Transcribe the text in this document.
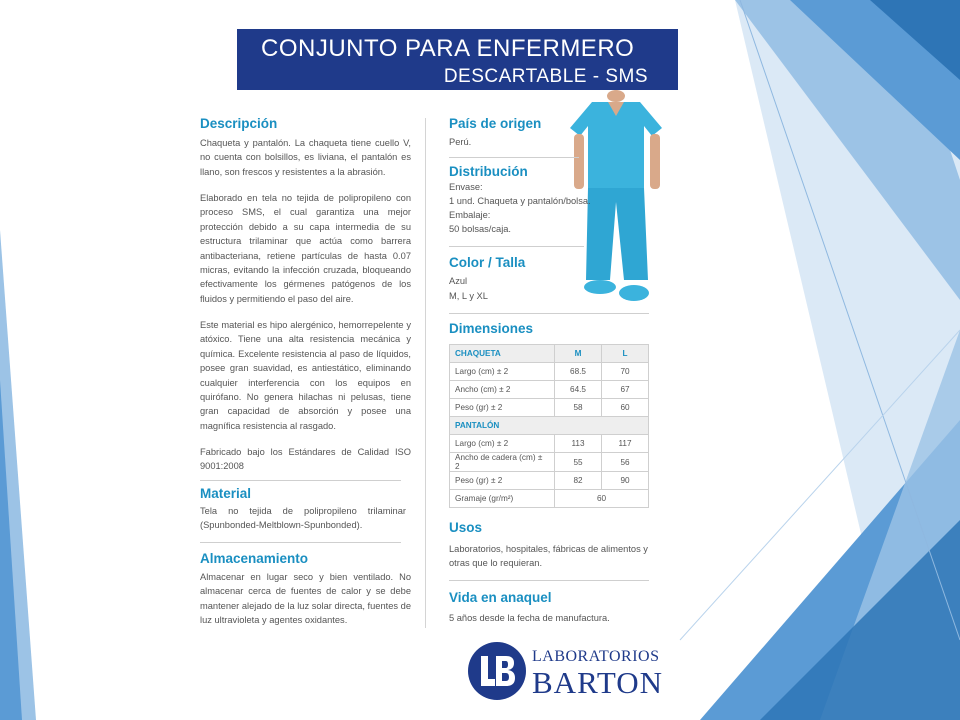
CONJUNTO PARA ENFERMERO
DESCARTABLE - SMS
Descripción
Chaqueta y pantalón. La chaqueta tiene cuello V, no cuenta con bolsillos, es liviana, el pantalón es llano, son frescos y resistentes a la abrasión.
Elaborado en tela no tejida de polipropileno con proceso SMS, el cual garantiza una mejor protección debido a su capa intermedia de su estructura trilaminar que actúa como barrera antibacteriana, retiene partículas de hasta 0.07 micras, evitando la infección cruzada, bloqueando efectivamente los gérmenes patógenos de los fluidos y permitiendo el paso del aire.
Este material es hipo alergénico, hemorrepelente y atóxico. Tiene una alta resistencia mecánica y química. Excelente resistencia al paso de líquidos, posee gran suavidad, es antiestático, eliminando cualquier interferencia con los equipos en quirófano. No genera hilachas ni pelusas, tiene gran capacidad de absorción y posee una magnífica resistencia al rasgado.
Fabricado bajo los Estándares de Calidad ISO 9001:2008
Material
Tela no tejida de polipropileno trilaminar (Spunbonded-Meltblown-Spunbonded).
Almacenamiento
Almacenar en lugar seco y bien ventilado. No almacenar cerca de fuentes de calor y se debe mantener alejado de la luz solar directa, fuentes de luz ultravioleta y agentes oxidantes.
País de origen
Perú.
Distribución
Envase:
1 und. Chaqueta y pantalón/bolsa.
Embalaje:
50 bolsas/caja.
Color / Talla
Azul
M, L y XL
Dimensiones
CHAQUETA	M	L
Largo (cm) ± 2	68.5	70
Ancho (cm) ± 2	64.5	67
Peso (gr) ± 2	58	60
PANTALÓN		
Largo (cm) ± 2	113	117
Ancho de cadera (cm) ± 2	55	56
Peso (gr) ± 2	82	90
Gramaje (gr/m²)	60	
Usos
Laboratorios, hospitales, fábricas de alimentos y otras que lo requieran.
Vida en anaquel
5 años desde la fecha de manufactura.
LABORATORIOS
BARTON
